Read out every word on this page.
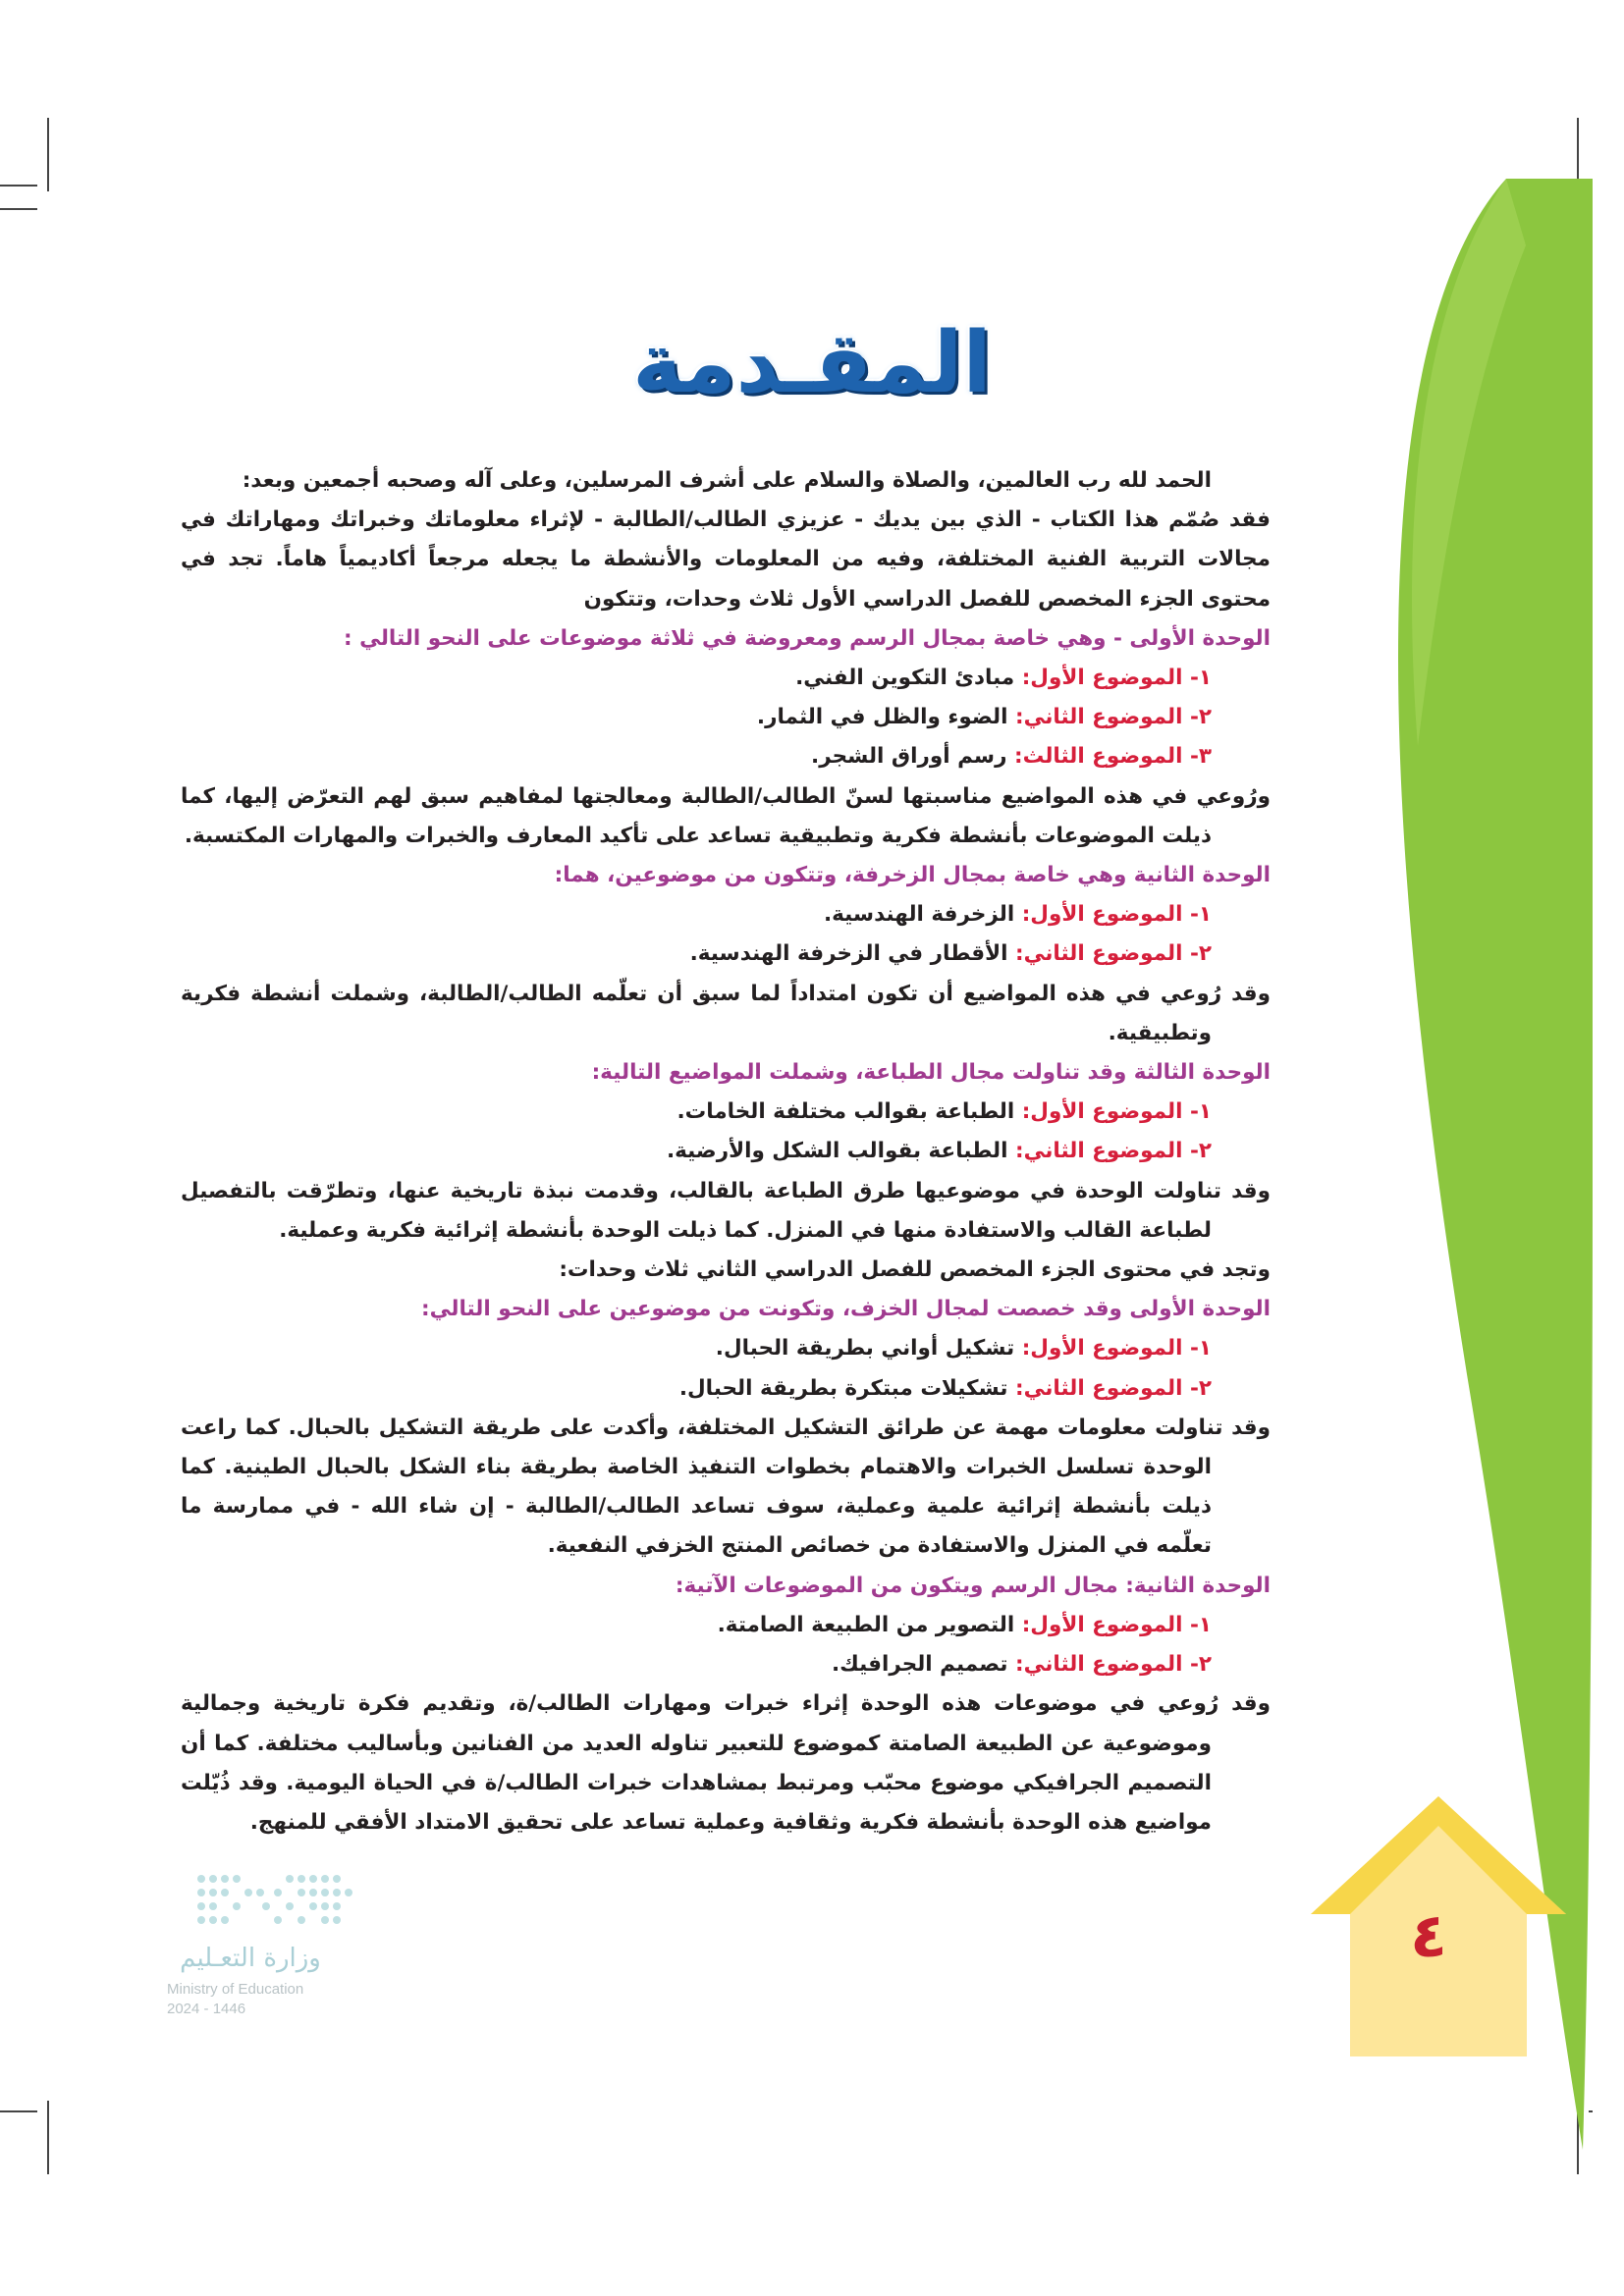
المقـدمة

الحمد لله رب العالمين، والصلاة والسلام على أشرف المرسلين، وعلى آله وصحبه أجمعين وبعد:

فقد صُمّم هذا الكتاب - الذي بين يديك - عزيزي الطالب/الطالبة - لإثراء معلوماتك وخبراتك ومهاراتك في مجالات التربية الفنية المختلفة، وفيه من المعلومات والأنشطة ما يجعله مرجعاً أكاديمياً هاماً. تجد في محتوى الجزء المخصص للفصل الدراسي الأول ثلاث وحدات، وتتكون

الوحدة الأولى - وهي خاصة بمجال الرسم ومعروضة في ثلاثة موضوعات على النحو التالي :

١- الموضوع الأول: مبادئ التكوين الفني.

٢- الموضوع الثاني: الضوء والظل في الثمار.

٣- الموضوع الثالث: رسم أوراق الشجر.

ورُوعي في هذه المواضيع مناسبتها لسنّ الطالب/الطالبة ومعالجتها لمفاهيم سبق لهم التعرّض إليها، كما ذيلت الموضوعات بأنشطة فكرية وتطبيقية تساعد على تأكيد المعارف والخبرات والمهارات المكتسبة.

الوحدة الثانية وهي خاصة بمجال الزخرفة، وتتكون من موضوعين، هما:

١- الموضوع الأول: الزخرفة الهندسية.

٢- الموضوع الثاني: الأقطار في الزخرفة الهندسية.

وقد رُوعي في هذه المواضيع أن تكون امتداداً لما سبق أن تعلّمه الطالب/الطالبة، وشملت أنشطة فكرية وتطبيقية.

الوحدة الثالثة وقد تناولت مجال الطباعة، وشملت المواضيع التالية:

١- الموضوع الأول: الطباعة بقوالب مختلفة الخامات.

٢- الموضوع الثاني: الطباعة بقوالب الشكل والأرضية.

وقد تناولت الوحدة في موضوعيها طرق الطباعة بالقالب، وقدمت نبذة تاريخية عنها، وتطرّقت بالتفصيل لطباعة القالب والاستفادة منها في المنزل. كما ذيلت الوحدة بأنشطة إثرائية فكرية وعملية.

وتجد في محتوى الجزء المخصص للفصل الدراسي الثاني ثلاث وحدات:

الوحدة الأولى وقد خصصت لمجال الخزف، وتكونت من موضوعين على النحو التالي:

١- الموضوع الأول: تشكيل أواني بطريقة الحبال.

٢- الموضوع الثاني: تشكيلات مبتكرة بطريقة الحبال.

وقد تناولت معلومات مهمة عن طرائق التشكيل المختلفة، وأكدت على طريقة التشكيل بالحبال. كما راعت الوحدة تسلسل الخبرات والاهتمام بخطوات التنفيذ الخاصة بطريقة بناء الشكل بالحبال الطينية. كما ذيلت بأنشطة إثرائية علمية وعملية، سوف تساعد الطالب/الطالبة - إن شاء الله - في ممارسة ما تعلّمه في المنزل والاستفادة من خصائص المنتج الخزفي النفعية.

الوحدة الثانية: مجال الرسم ويتكون من الموضوعات الآتية:

١- الموضوع الأول: التصوير من الطبيعة الصامتة.

٢- الموضوع الثاني: تصميم الجرافيك.

وقد رُوعي في موضوعات هذه الوحدة إثراء خبرات ومهارات الطالب/ة، وتقديم فكرة تاريخية وجمالية وموضوعية عن الطبيعة الصامتة كموضوع للتعبير تناوله العديد من الفنانين وبأساليب مختلفة. كما أن التصميم الجرافيكي موضوع محبّب ومرتبط بمشاهدات خبرات الطالب/ة في الحياة اليومية. وقد ذُيّلت مواضيع هذه الوحدة بأنشطة فكرية وثقافية وعملية تساعد على تحقيق الامتداد الأفقي للمنهج.

وزارة التعـليم
Ministry of Education
2024 - 1446
٤
